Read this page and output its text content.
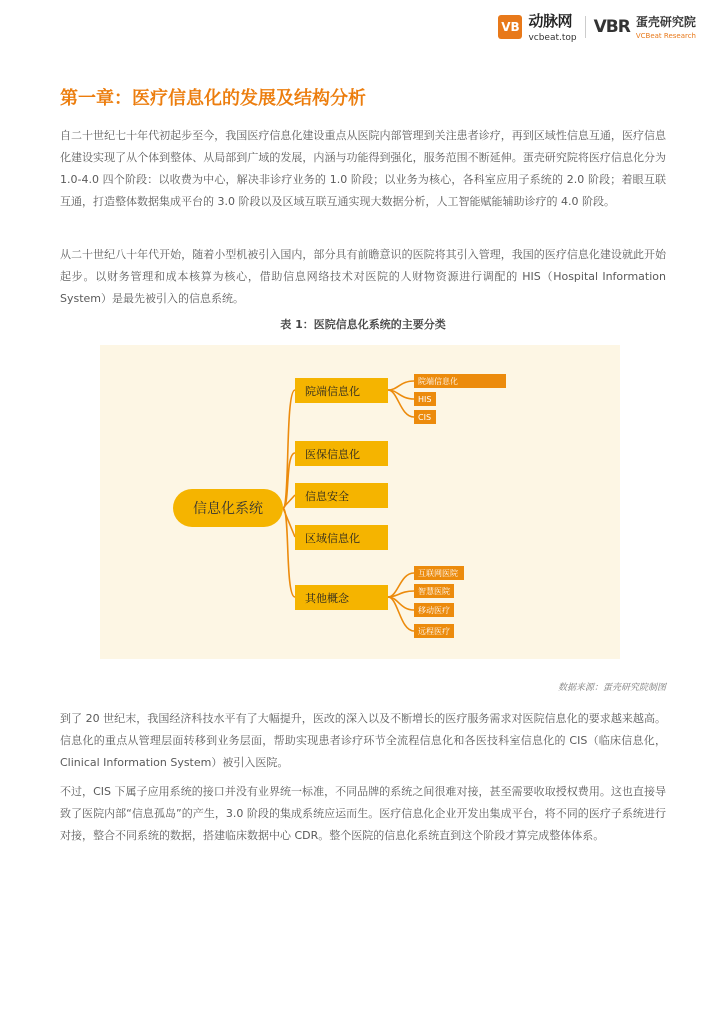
VB 动脉网
vcbeat.top
VBR 蛋壳研究院
VCBeat Research
第一章：医疗信息化的发展及结构分析

自二十世纪七十年代初起步至今，我国医疗信息化建设重点从医院内部管理到关注患者诊疗，再到区域性信息互通，医疗信息化建设实现了从个体到整体、从局部到广域的发展，内涵与功能得到强化，服务范围不断延伸。蛋壳研究院将医疗信息化分为 1.0-4.0 四个阶段：以收费为中心，解决非诊疗业务的 1.0 阶段；以业务为核心，各科室应用子系统的 2.0 阶段；着眼互联互通，打造整体数据集成平台的 3.0 阶段以及区域互联互通实现大数据分析，人工智能赋能辅助诊疗的 4.0 阶段。

从二十世纪八十年代开始，随着小型机被引入国内，部分具有前瞻意识的医院将其引入管理，我国的医疗信息化建设就此开始起步。以财务管理和成本核算为核心，借助信息网络技术对医院的人财物资源进行调配的 HIS（Hospital Information System）是最先被引入的信息系统。

表 1：医院信息化系统的主要分类
信息化系统
院端信息化
医保信息化
信息安全
区域信息化
其他概念
院端信息化
HIS
CIS
互联网医院
智慧医院
移动医疗
远程医疗
数据来源：蛋壳研究院制图

到了 20 世纪末，我国经济科技水平有了大幅提升，医改的深入以及不断增长的医疗服务需求对医院信息化的要求越来越高。信息化的重点从管理层面转移到业务层面，帮助实现患者诊疗环节全流程信息化和各医技科室信息化的 CIS（临床信息化，Clinical Information System）被引入医院。

不过，CIS 下属子应用系统的接口并没有业界统一标准，不同品牌的系统之间很难对接，甚至需要收取授权费用。这也直接导致了医院内部“信息孤岛”的产生，3.0 阶段的集成系统应运而生。医疗信息化企业开发出集成平台，将不同的医疗子系统进行对接，整合不同系统的数据，搭建临床数据中心 CDR。整个医院的信息化系统直到这个阶段才算完成整体体系。
